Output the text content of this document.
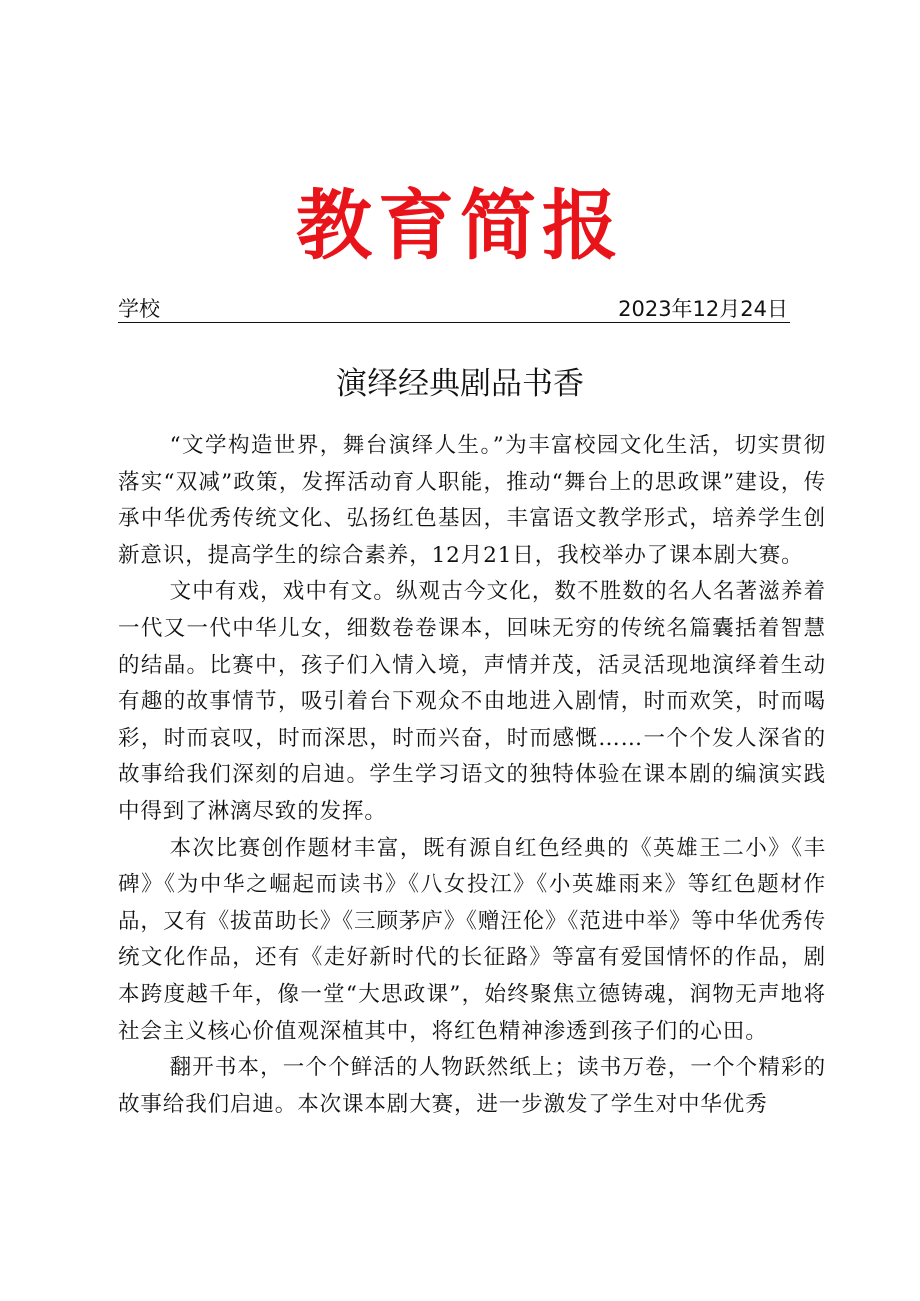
教育简报
学校	2023年12月24日
演绎经典剧品书香

“文学构造世界，舞台演绎人生。”为丰富校园文化生活，切实贯彻落实“双减”政策，发挥活动育人职能，推动“舞台上的思政课”建设，传承中华优秀传统文化、弘扬红色基因，丰富语文教学形式，培养学生创新意识，提高学生的综合素养，12月21日，我校举办了课本剧大赛。

文中有戏，戏中有文。纵观古今文化，数不胜数的名人名著滋养着一代又一代中华儿女，细数卷卷课本，回味无穷的传统名篇囊括着智慧的结晶。比赛中，孩子们入情入境，声情并茂，活灵活现地演绎着生动有趣的故事情节，吸引着台下观众不由地进入剧情，时而欢笑，时而喝彩，时而哀叹，时而深思，时而兴奋，时而感慨……一个个发人深省的故事给我们深刻的启迪。学生学习语文的独特体验在课本剧的编演实践中得到了淋漓尽致的发挥。

本次比赛创作题材丰富，既有源自红色经典的《英雄王二小》《丰碑》《为中华之崛起而读书》《八女投江》《小英雄雨来》等红色题材作品，又有《拔苗助长》《三顾茅庐》《赠汪伦》《范进中举》等中华优秀传统文化作品，还有《走好新时代的长征路》等富有爱国情怀的作品，剧本跨度越千年，像一堂“大思政课”，始终聚焦立德铸魂，润物无声地将社会主义核心价值观深植其中，将红色精神渗透到孩子们的心田。

翻开书本，一个个鲜活的人物跃然纸上；读书万卷，一个个精彩的故事给我们启迪。本次课本剧大赛，进一步激发了学生对中华优秀
